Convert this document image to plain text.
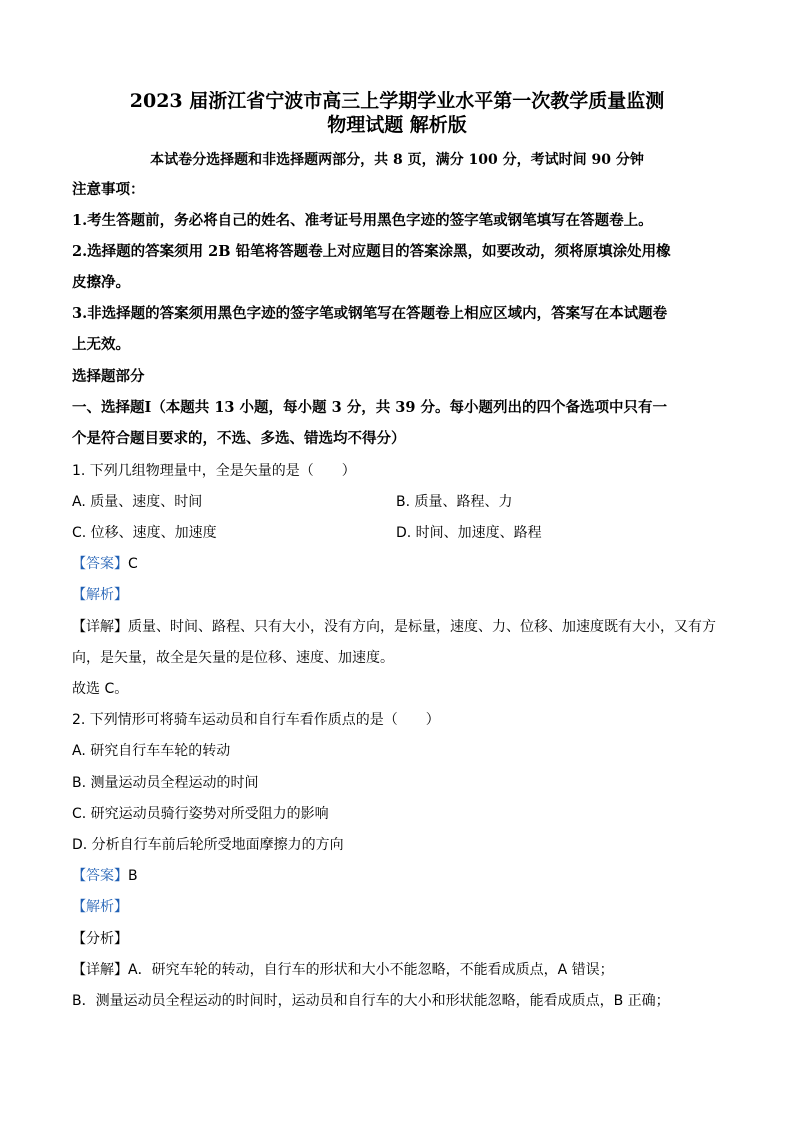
2023 届浙江省宁波市高三上学期学业水平第一次教学质量监测
物理试题 解析版
本试卷分选择题和非选择题两部分，共 8 页，满分 100 分，考试时间 90 分钟
注意事项：
1.考生答题前，务必将自己的姓名、准考证号用黑色字迹的签字笔或钢笔填写在答题卷上。
2.选择题的答案须用 2B 铅笔将答题卷上对应题目的答案涂黑，如要改动，须将原填涂处用橡
皮擦净。
3.非选择题的答案须用黑色字迹的签字笔或钢笔写在答题卷上相应区域内，答案写在本试题卷
上无效。
选择题部分
一、选择题Ⅰ（本题共 13 小题，每小题 3 分，共 39 分。每小题列出的四个备选项中只有一
个是符合题目要求的，不选、多选、错选均不得分）
1. 下列几组物理量中，全是矢量的是（　　）
A. 质量、速度、时间	B. 质量、路程、力
C. 位移、速度、加速度	D. 时间、加速度、路程
【答案】C
【解析】
【详解】质量、时间、路程、只有大小，没有方向，是标量，速度、力、位移、加速度既有大小，又有方
向，是矢量，故全是矢量的是位移、速度、加速度。
故选 C。
2. 下列情形可将骑车运动员和自行车看作质点的是（　　）
A. 研究自行车车轮的转动
B. 测量运动员全程运动的时间
C. 研究运动员骑行姿势对所受阻力的影响
D. 分析自行车前后轮所受地面摩擦力的方向
【答案】B
【解析】
【分析】
【详解】A．研究车轮的转动，自行车的形状和大小不能忽略，不能看成质点，A 错误；
B．测量运动员全程运动的时间时，运动员和自行车的大小和形状能忽略，能看成质点，B 正确；
